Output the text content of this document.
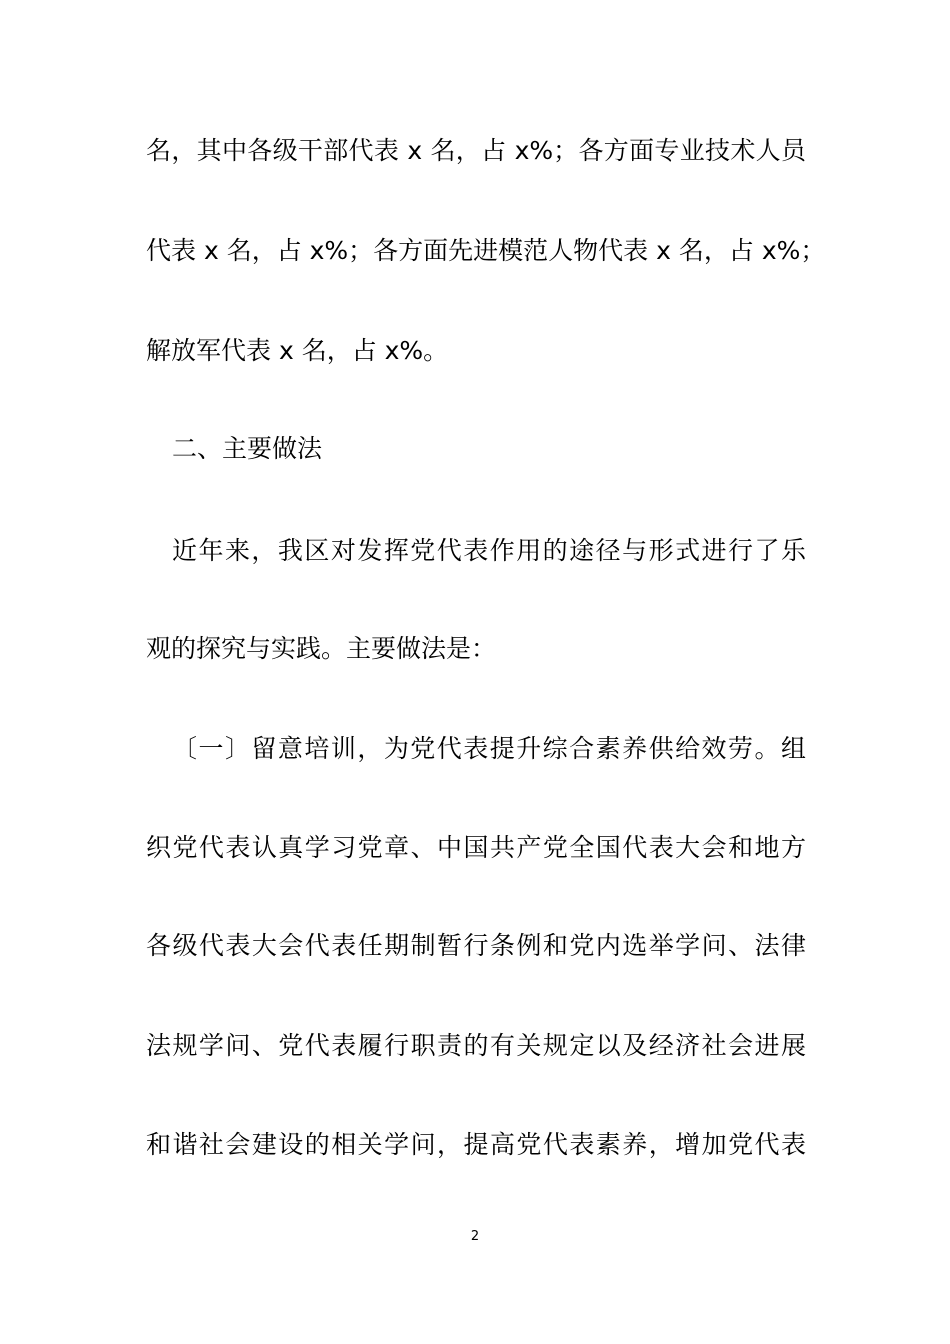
名，其中各级干部代表 x 名，占 x%；各方面专业技术人员
代表 x 名，占 x%；各方面先进模范人物代表 x 名，占 x%；
解放军代表 x 名，占 x%。
二、主要做法
近年来，我区对发挥党代表作用的途径与形式进行了乐
观的探究与实践。主要做法是：
〔一〕留意培训，为党代表提升综合素养供给效劳。组
织党代表认真学习党章、中国共产党全国代表大会和地方
各级代表大会代表任期制暂行条例和党内选举学问、法律
法规学问、党代表履行职责的有关规定以及经济社会进展
和谐社会建设的相关学问，提高党代表素养，增加党代表
2
